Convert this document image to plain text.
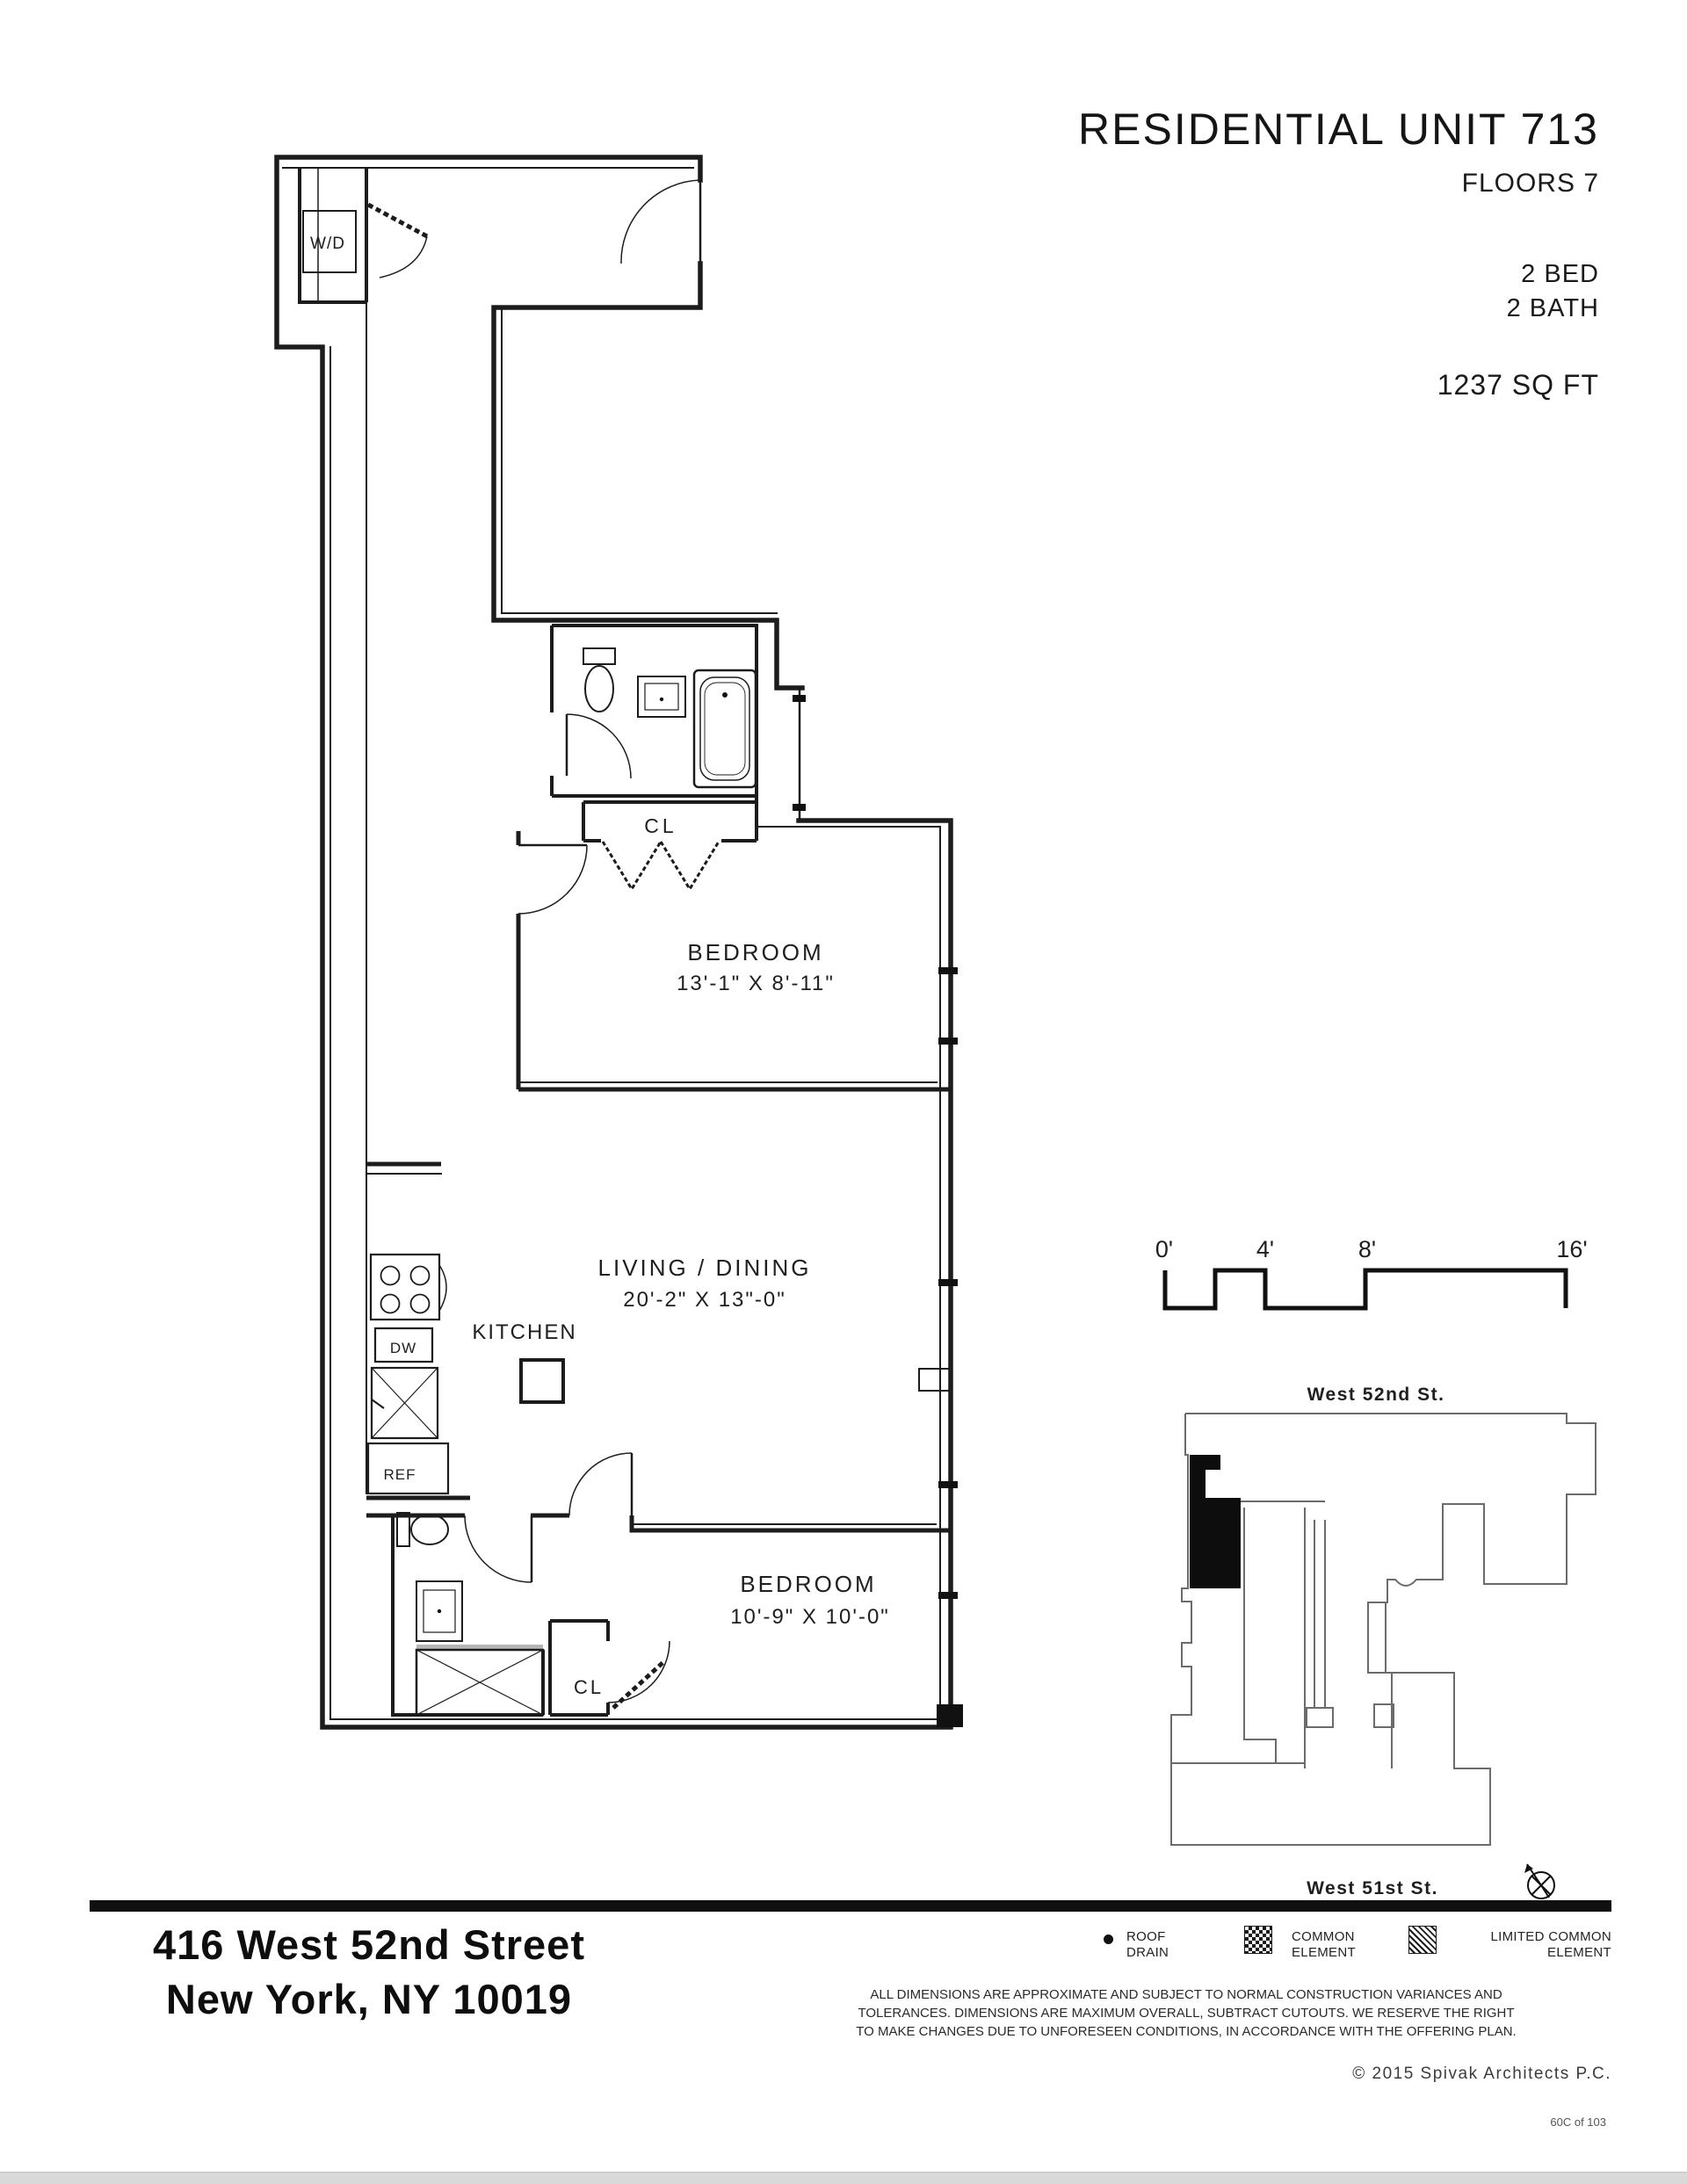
W/D
CL
BEDROOM
13'-1" X 8'-11"
KITCHEN
DW
REF
LIVING / DINING
20'-2" X 13"-0"
CL
BEDROOM
10'-9" X 10'-0"
0'	4'	8'	16'
West 52nd St.
West 51st St.
RESIDENTIAL UNIT 713
FLOORS 7
2 BED
2 BATH
1237 SQ FT
416 West 52nd Street
New York, NY 10019
ROOF
DRAIN
COMMON
ELEMENT
LIMITED COMMON
ELEMENT
ALL DIMENSIONS ARE APPROXIMATE AND SUBJECT TO NORMAL CONSTRUCTION VARIANCES AND
TOLERANCES. DIMENSIONS ARE MAXIMUM OVERALL, SUBTRACT CUTOUTS. WE RESERVE THE RIGHT
TO MAKE CHANGES DUE TO UNFORESEEN CONDITIONS, IN ACCORDANCE WITH THE OFFERING PLAN.
© 2015 Spivak Architects P.C.
60C of 103
